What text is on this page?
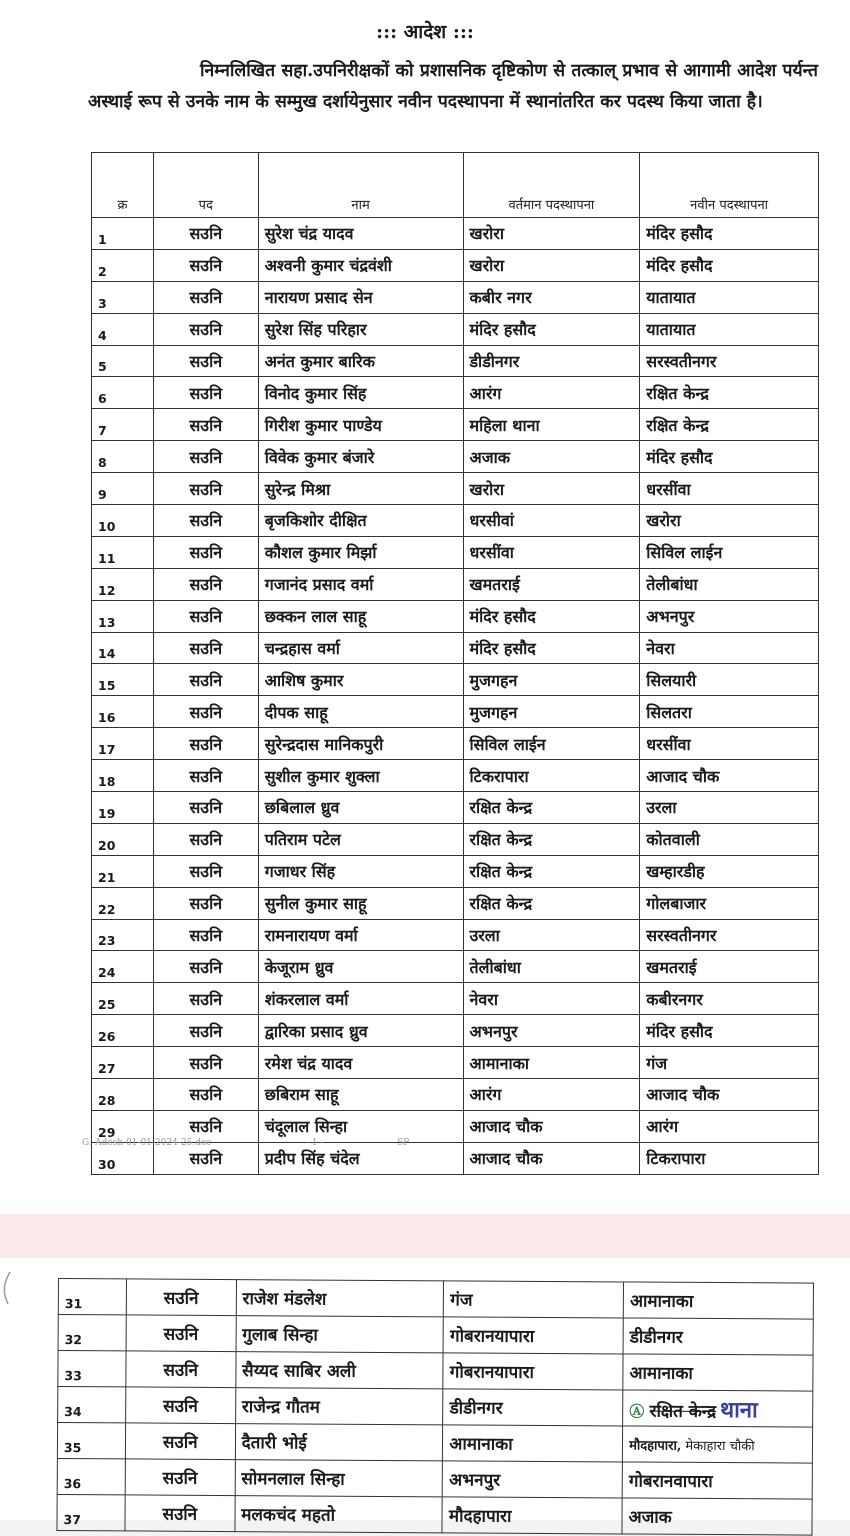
::: आदेश :::
निम्नलिखित सहा.उपनिरीक्षकों को प्रशासनिक दृष्टिकोण से तत्काल् प्रभाव से आगामी आदेश पर्यन्त अस्थाई रूप से उनके नाम के सम्मुख दर्शायेनुसार नवीन पदस्थापना में स्थानांतरित कर पदस्थ किया जाता है।
क्र	पद	नाम	वर्तमान पदस्थापना	नवीन पदस्थापना
1	सउनि	सुरेश चंद्र यादव	खरोरा	मंदिर हसौद
2	सउनि	अश्वनी कुमार चंद्रवंशी	खरोरा	मंदिर हसौद
3	सउनि	नारायण प्रसाद सेन	कबीर नगर	यातायात
4	सउनि	सुरेश सिंह परिहार	मंदिर हसौद	यातायात
5	सउनि	अनंत कुमार बारिक	डीडीनगर	सरस्वतीनगर
6	सउनि	विनोद कुमार सिंह	आरंग	रक्षित केन्द्र
7	सउनि	गिरीश कुमार पाण्डेय	महिला थाना	रक्षित केन्द्र
8	सउनि	विवेक कुमार बंजारे	अजाक	मंदिर हसौद
9	सउनि	सुरेन्द्र मिश्रा	खरोरा	धरसींवा
10	सउनि	बृजकिशोर दीक्षित	धरसीवां	खरोरा
11	सउनि	कौशल कुमार मिर्झा	धरसींवा	सिविल लाईन
12	सउनि	गजानंद प्रसाद वर्मा	खमतराई	तेलीबांधा
13	सउनि	छक्कन लाल साहू	मंदिर हसौद	अभनपुर
14	सउनि	चन्द्रहास वर्मा	मंदिर हसौद	नेवरा
15	सउनि	आशिष कुमार	मुजगहन	सिलयारी
16	सउनि	दीपक साहू	मुजगहन	सिलतरा
17	सउनि	सुरेन्द्रदास मानिकपुरी	सिविल लाईन	धरसींवा
18	सउनि	सुशील कुमार शुक्ला	टिकरापारा	आजाद चौक
19	सउनि	छबिलाल ध्रुव	रक्षित केन्द्र	उरला
20	सउनि	पतिराम पटेल	रक्षित केन्द्र	कोतवाली
21	सउनि	गजाधर सिंह	रक्षित केन्द्र	खम्हारडीह
22	सउनि	सुनील कुमार साहू	रक्षित केन्द्र	गोलबाजार
23	सउनि	रामनारायण वर्मा	उरला	सरस्वतीनगर
24	सउनि	केजूराम ध्रुव	तेलीबांधा	खमतराई
25	सउनि	शंकरलाल वर्मा	नेवरा	कबीरनगर
26	सउनि	द्वारिका प्रसाद ध्रुव	अभनपुर	मंदिर हसौद
27	सउनि	रमेश चंद्र यादव	आमानाका	गंज
28	सउनि	छबिराम साहू	आरंग	आजाद चौक
29	सउनि	चंदूलाल सिन्हा	आजाद चौक	आरंग
30	सउनि	प्रदीप सिंह चंदेल	आजाद चौक	टिकरापारा
G: Adesh 01-01-2024-25.doc	- 1 -	SP
31	सउनि	राजेश मंडलेश	गंज	आमानाका
32	सउनि	गुलाब सिन्हा	गोबरानयापारा	डीडीनगर
33	सउनि	सैय्यद साबिर अली	गोबरानयापारा	आमानाका
34	सउनि	राजेन्द्र गौतम	डीडीनगर	Ⓐ रक्षित केन्द्र थाना
35	सउनि	दैतारी भोई	आमानाका	मौदहापारा, मेकाहारा चौकी
36	सउनि	सोमनलाल सिन्हा	अभनपुर	गोबरानवापारा
37	सउनि	मलकचंद महतो	मौदहापारा	अजाक
